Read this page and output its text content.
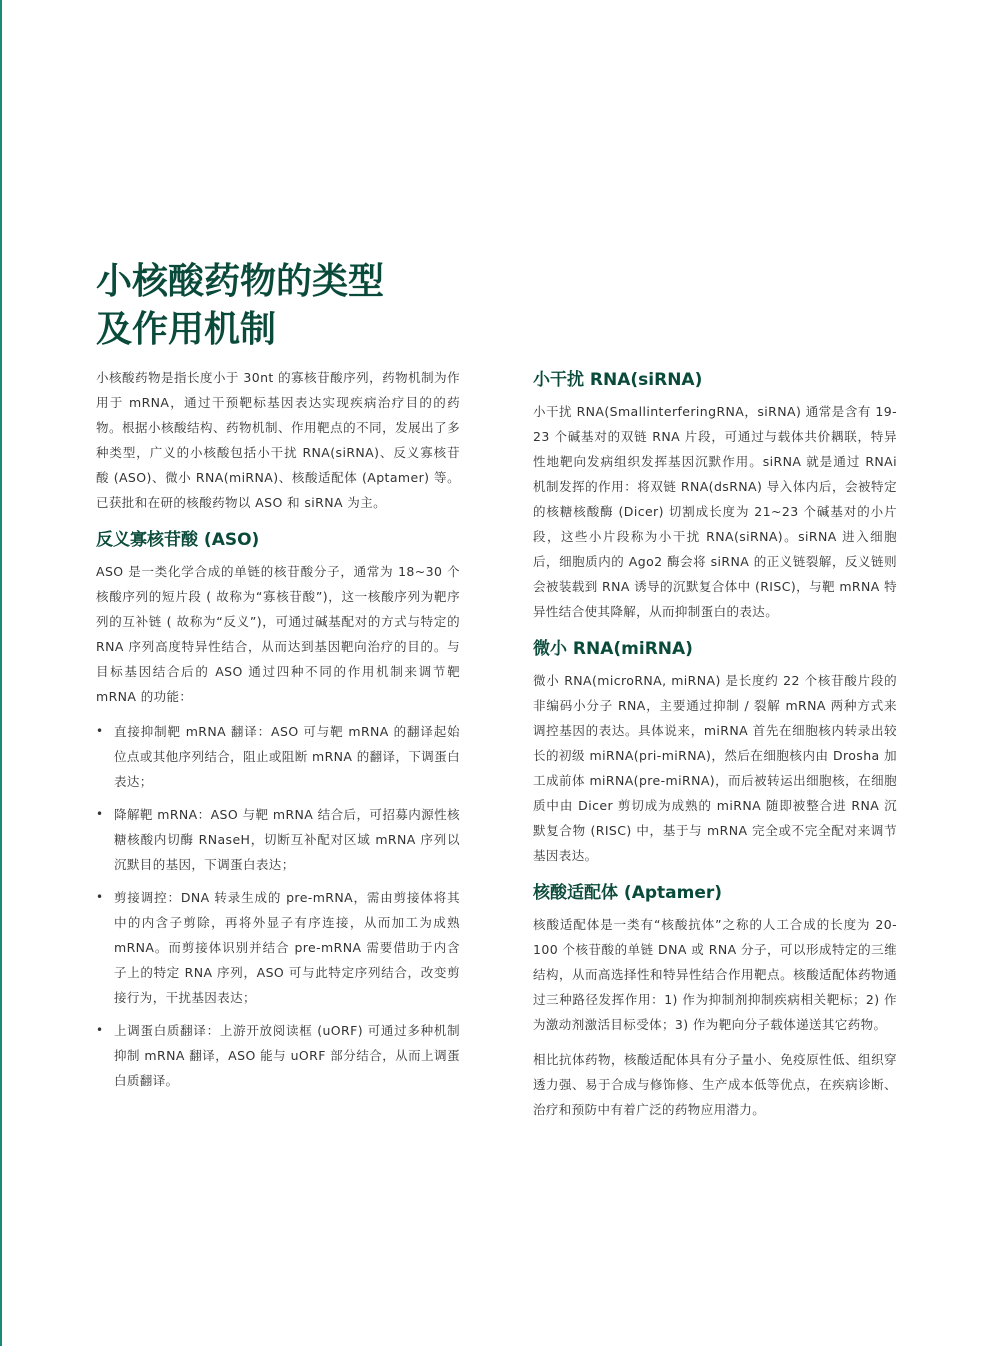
小核酸药物的类型
及作用机制

小核酸药物是指长度小于 30nt 的寡核苷酸序列，药物机制为作用于 mRNA，通过干预靶标基因表达实现疾病治疗目的的药物。根据小核酸结构、药物机制、作用靶点的不同，发展出了多种类型，广义的小核酸包括小干扰 RNA(siRNA)、反义寡核苷酸 (ASO)、微小 RNA(miRNA)、核酸适配体 (Aptamer) 等。已获批和在研的核酸药物以 ASO 和 siRNA 为主。

反义寡核苷酸 (ASO)

ASO 是一类化学合成的单链的核苷酸分子，通常为 18~30 个核酸序列的短片段 ( 故称为“寡核苷酸”)，这一核酸序列为靶序列的互补链 ( 故称为“反义”)，可通过碱基配对的方式与特定的 RNA 序列高度特异性结合，从而达到基因靶向治疗的目的。与目标基因结合后的 ASO 通过四种不同的作用机制来调节靶 mRNA 的功能：

• 直接抑制靶 mRNA 翻译：ASO 可与靶 mRNA 的翻译起始位点或其他序列结合，阻止或阻断 mRNA 的翻译，下调蛋白表达；

• 降解靶 mRNA：ASO 与靶 mRNA 结合后，可招募内源性核糖核酸内切酶 RNaseH，切断互补配对区域 mRNA 序列以沉默目的基因，下调蛋白表达；

• 剪接调控：DNA 转录生成的 pre-mRNA，需由剪接体将其中的内含子剪除，再将外显子有序连接，从而加工为成熟 mRNA。而剪接体识别并结合 pre-mRNA 需要借助于内含子上的特定 RNA 序列，ASO 可与此特定序列结合，改变剪接行为，干扰基因表达；

• 上调蛋白质翻译：上游开放阅读框 (uORF) 可通过多种机制抑制 mRNA 翻译，ASO 能与 uORF 部分结合，从而上调蛋白质翻译。

小干扰 RNA(siRNA)

小干扰 RNA(SmallinterferingRNA，siRNA) 通常是含有 19-23 个碱基对的双链 RNA 片段，可通过与载体共价耦联，特异性地靶向发病组织发挥基因沉默作用。siRNA 就是通过 RNAi 机制发挥的作用：将双链 RNA(dsRNA) 导入体内后，会被特定的核糖核酸酶 (Dicer) 切割成长度为 21~23 个碱基对的小片段，这些小片段称为小干扰 RNA(siRNA)。siRNA 进入细胞后，细胞质内的 Ago2 酶会将 siRNA 的正义链裂解，反义链则会被装载到 RNA 诱导的沉默复合体中 (RISC)，与靶 mRNA 特异性结合使其降解，从而抑制蛋白的表达。

微小 RNA(miRNA)

微小 RNA(microRNA, miRNA) 是长度约 22 个核苷酸片段的非编码小分子 RNA，主要通过抑制 / 裂解 mRNA 两种方式来调控基因的表达。具体说来，miRNA 首先在细胞核内转录出较长的初级 miRNA(pri-miRNA)，然后在细胞核内由 Drosha 加工成前体 miRNA(pre-miRNA)，而后被转运出细胞核，在细胞质中由 Dicer 剪切成为成熟的 miRNA 随即被整合进 RNA 沉默复合物 (RISC) 中，基于与 mRNA 完全或不完全配对来调节基因表达。

核酸适配体 (Aptamer)

核酸适配体是一类有“核酸抗体”之称的人工合成的长度为 20-100 个核苷酸的单链 DNA 或 RNA 分子，可以形成特定的三维结构，从而高选择性和特异性结合作用靶点。核酸适配体药物通过三种路径发挥作用：1) 作为抑制剂抑制疾病相关靶标；2) 作为激动剂激活目标受体；3) 作为靶向分子载体递送其它药物。

相比抗体药物，核酸适配体具有分子量小、免疫原性低、组织穿透力强、易于合成与修饰修、生产成本低等优点，在疾病诊断、治疗和预防中有着广泛的药物应用潜力。
